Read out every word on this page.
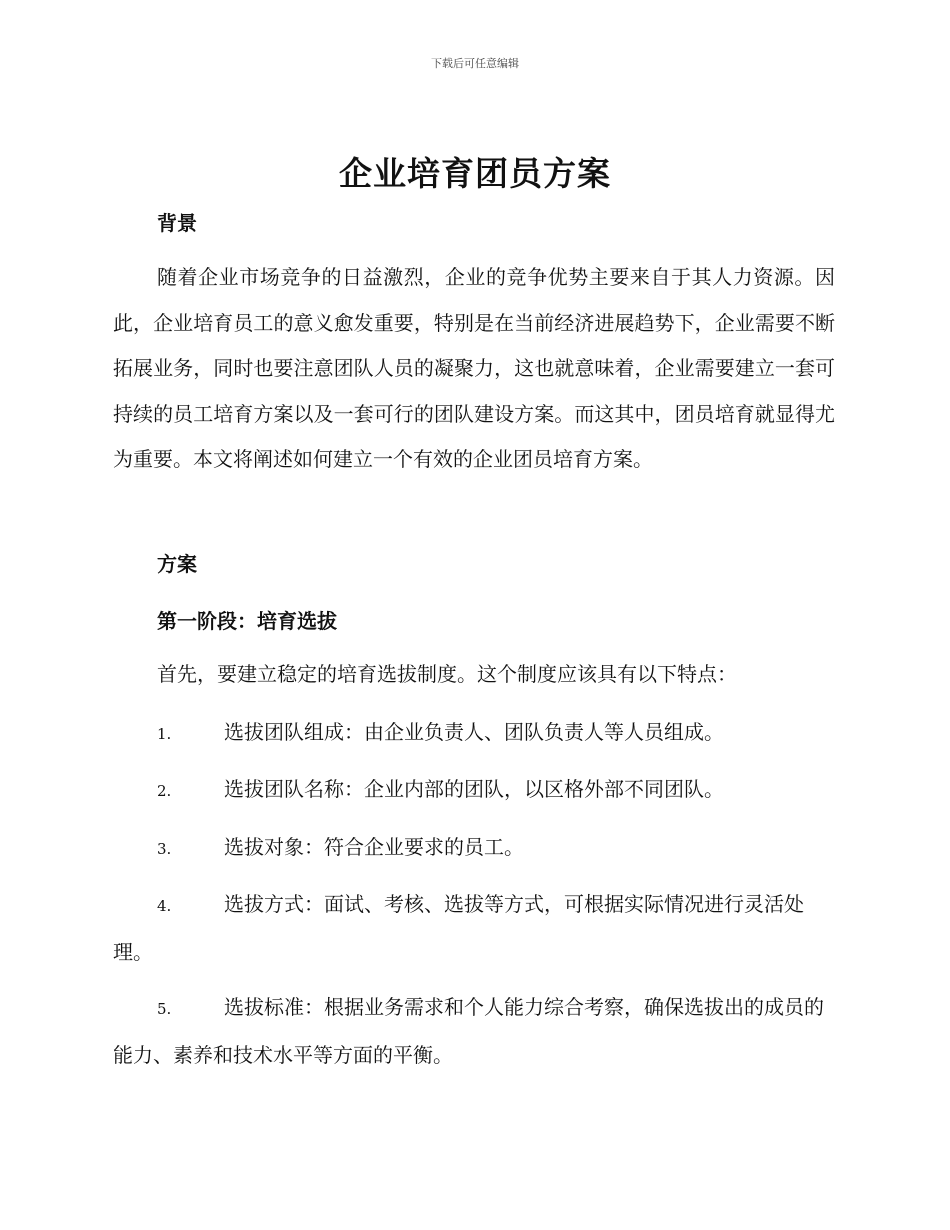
下载后可任意编辑
企业培育团员方案
背景

随着企业市场竞争的日益激烈，企业的竞争优势主要来自于其人力资源。因此，企业培育员工的意义愈发重要，特别是在当前经济进展趋势下，企业需要不断拓展业务，同时也要注意团队人员的凝聚力，这也就意味着，企业需要建立一套可持续的员工培育方案以及一套可行的团队建设方案。而这其中，团员培育就显得尤为重要。本文将阐述如何建立一个有效的企业团员培育方案。

方案
第一阶段：培育选拔

首先，要建立稳定的培育选拔制度。这个制度应该具有以下特点：

1.	选拔团队组成：由企业负责人、团队负责人等人员组成。
2.	选拔团队名称：企业内部的团队，以区格外部不同团队。
3.	选拔对象：符合企业要求的员工。
4.	选拔方式：面试、考核、选拔等方式，可根据实际情况进行灵活处理。
5.	选拔标准：根据业务需求和个人能力综合考察，确保选拔出的成员的能力、素养和技术水平等方面的平衡。
